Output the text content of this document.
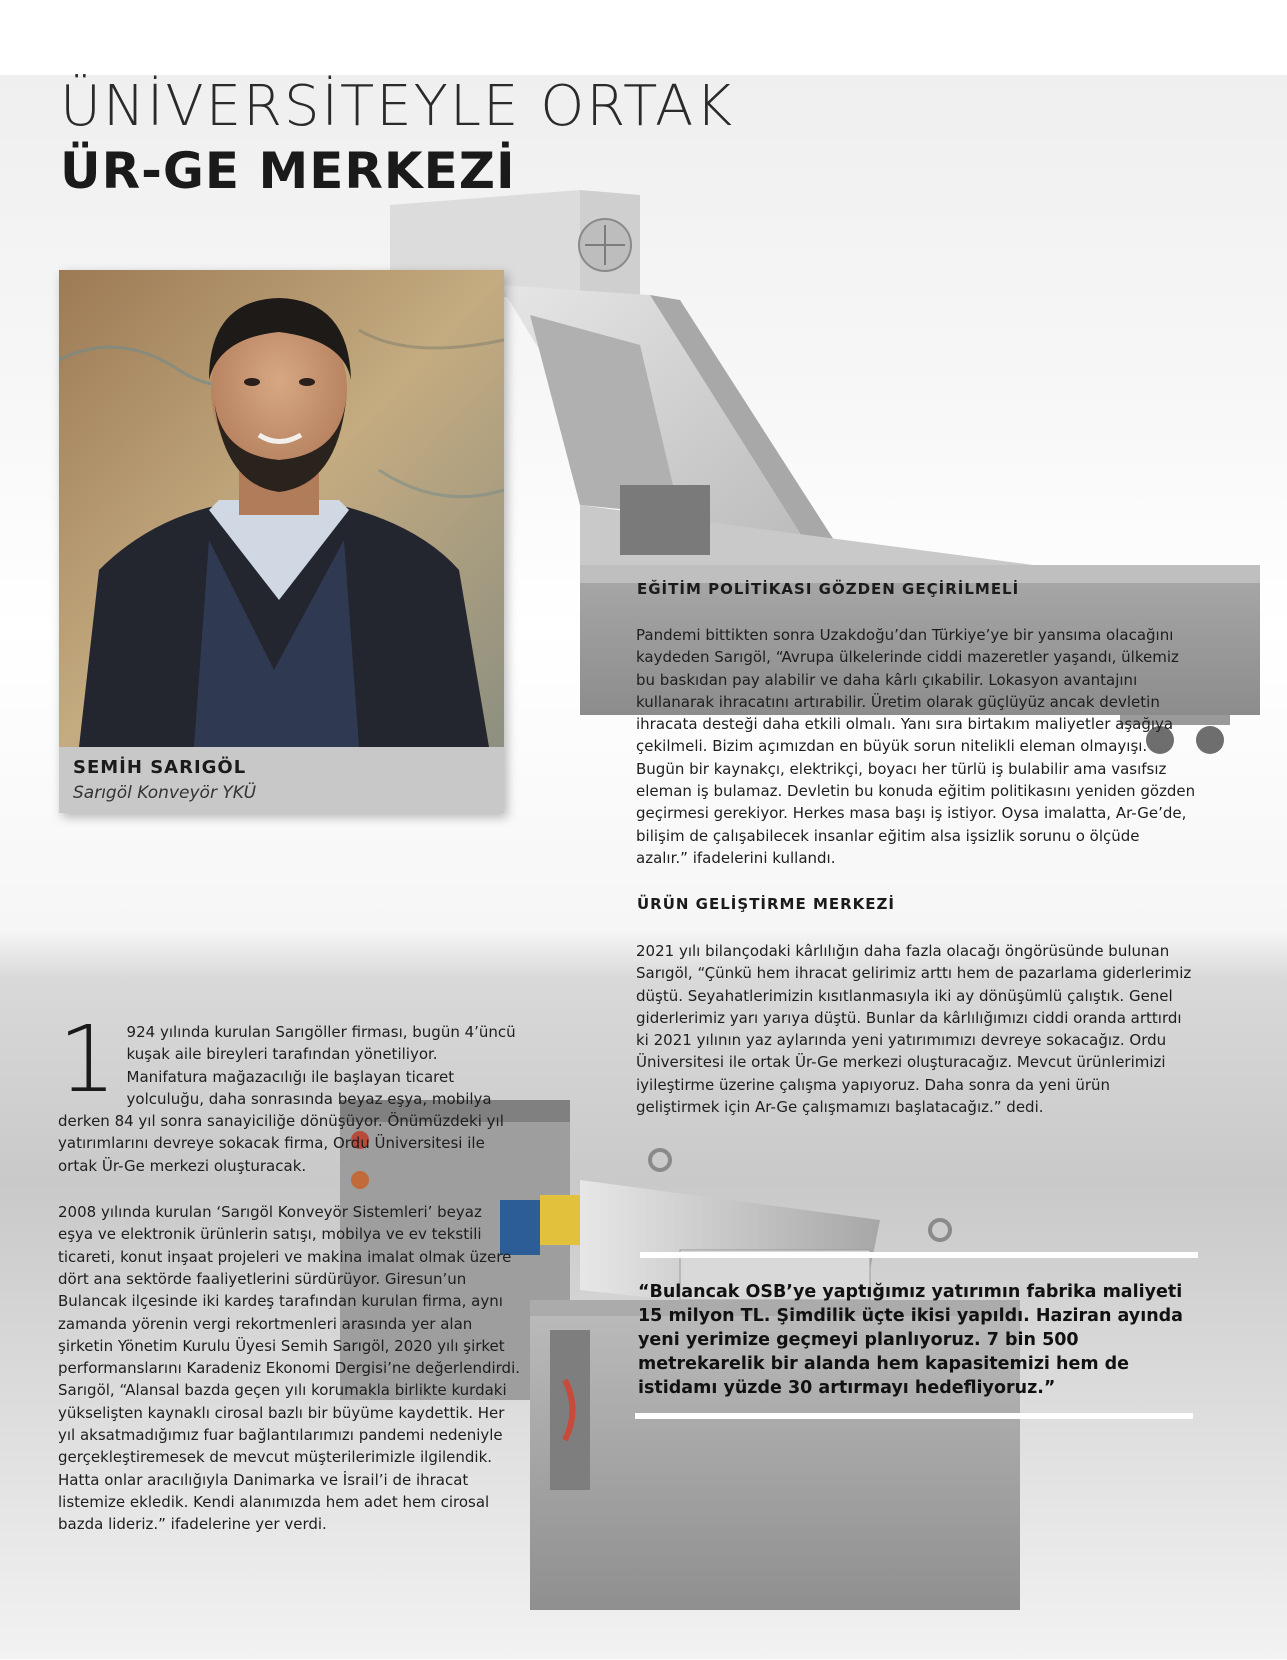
ÜNİVERSİTEYLE ORTAK
ÜR-GE MERKEZİ
SEMİH SARIGÖL
Sarıgöl Konveyör YKÜ
EĞİTİM POLİTİKASI GÖZDEN GEÇİRİLMELİ

Pandemi bittikten sonra Uzakdoğu’dan Türkiye’ye bir yansıma olacağını kaydeden Sarıgöl, “Avrupa ülkelerinde ciddi mazeretler yaşandı, ülkemiz bu baskıdan pay alabilir ve daha kârlı çıkabilir. Lokasyon avantajını kullanarak ihracatını artırabilir. Üretim olarak güçlüyüz ancak devletin ihracata desteği daha etkili olmalı. Yanı sıra birtakım maliyetler aşağıya çekilmeli. Bizim açımızdan en büyük sorun nitelikli eleman olmayışı. Bugün bir kaynakçı, elektrikçi, boyacı her türlü iş bulabilir ama vasıfsız eleman iş bulamaz. Devletin bu konuda eğitim politikasını yeniden gözden geçirmesi gerekiyor. Herkes masa başı iş istiyor. Oysa imalatta, Ar-Ge’de, bilişim de çalışabilecek insanlar eğitim alsa işsizlik sorunu o ölçüde azalır.” ifadelerini kullandı.

ÜRÜN GELİŞTİRME MERKEZİ

2021 yılı bilançodaki kârlılığın daha fazla olacağı öngörüsünde bulunan Sarıgöl, “Çünkü hem ihracat gelirimiz arttı hem de pazarlama giderlerimiz düştü. Seyahatlerimizin kısıtlanmasıyla iki ay dönüşümlü çalıştık. Genel giderlerimiz yarı yarıya düştü. Bunlar da kârlılığımızı ciddi oranda arttırdı ki 2021 yılının yaz aylarında yeni yatırımımızı devreye sokacağız. Ordu Üniversitesi ile ortak Ür-Ge merkezi oluşturacağız. Mevcut ürünlerimizi iyileştirme üzerine çalışma yapıyoruz. Daha sonra da yeni ürün geliştirmek için Ar-Ge çalışmamızı başlatacağız.” dedi.

1 924 yılında kurulan Sarıgöller firması, bugün 4’üncü kuşak aile bireyleri tarafından yönetiliyor. Manifatura mağazacılığı ile başlayan ticaret yolculuğu, daha sonrasında beyaz eşya, mobilya derken 84 yıl sonra sanayiciliğe dönüşüyor. Önümüzdeki yıl yatırımlarını devreye sokacak firma, Ordu Üniversitesi ile ortak Ür-Ge merkezi oluşturacak.

2008 yılında kurulan ‘Sarıgöl Konveyör Sistemleri’ beyaz eşya ve elektronik ürünlerin satışı, mobilya ve ev tekstili ticareti, konut inşaat projeleri ve makina imalat olmak üzere dört ana sektörde faaliyetlerini sürdürüyor. Giresun’un Bulancak ilçesinde iki kardeş tarafından kurulan firma, aynı zamanda yörenin vergi rekortmenleri arasında yer alan şirketin Yönetim Kurulu Üyesi Semih Sarıgöl, 2020 yılı şirket performanslarını Karadeniz Ekonomi Dergisi’ne değerlendirdi. Sarıgöl, “Alansal bazda geçen yılı korumakla birlikte kurdaki yükselişten kaynaklı cirosal bazlı bir büyüme kaydettik. Her yıl aksatmadığımız fuar bağlantılarımızı pandemi nedeniyle gerçekleştiremesek de mevcut müşterilerimizle ilgilendik. Hatta onlar aracılığıyla Danimarka ve İsrail’i de ihracat listemize ekledik. Kendi alanımızda hem adet hem cirosal bazda lideriz.” ifadelerine yer verdi.

“Bulancak OSB’ye yaptığımız yatırımın fabrika maliyeti 15 milyon TL. Şimdilik üçte ikisi yapıldı. Haziran ayında yeni yerimize geçmeyi planlıyoruz. 7 bin 500 metrekarelik bir alanda hem kapasitemizi hem de istidamı yüzde 30 artırmayı hedefliyoruz.”
